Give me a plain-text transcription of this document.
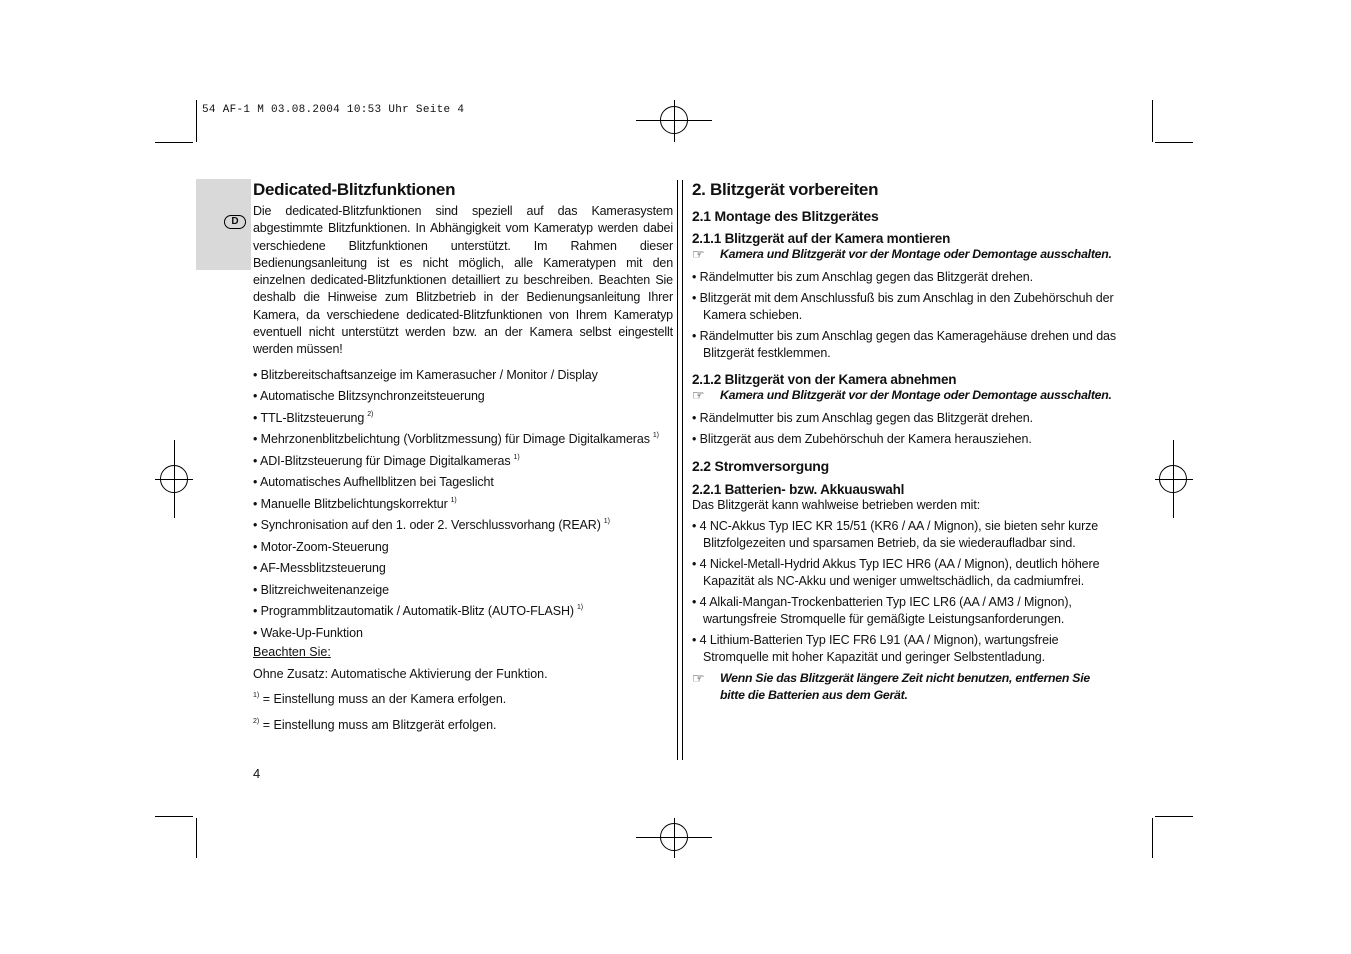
54 AF-1 M 03.08.2004 10:53 Uhr Seite 4
D
Dedicated-Blitzfunktionen

Die dedicated-Blitzfunktionen sind speziell auf das Kamerasystem abgestimmte Blitzfunktionen. In Abhängigkeit vom Kameratyp werden dabei verschiedene Blitzfunktionen unterstützt. Im Rahmen dieser Bedienungsanleitung ist es nicht möglich, alle Kameratypen mit den einzelnen dedicated-Blitzfunktionen detailliert zu beschreiben. Beachten Sie deshalb die Hinweise zum Blitzbetrieb in der Bedienungsanleitung Ihrer Kamera, da verschiedene dedicated-Blitzfunktionen von Ihrem Kameratyp eventuell nicht unterstützt werden bzw. an der Kamera selbst eingestellt werden müssen!

• Blitzbereitschaftsanzeige im Kamerasucher / Monitor / Display
• Automatische Blitzsynchronzeitsteuerung
• TTL-Blitzsteuerung $^{2)}$
• Mehrzonenblitzbelichtung (Vorblitzmessung) für Dimage Digitalkameras $^{1)}$
• ADI-Blitzsteuerung für Dimage Digitalkameras $^{1)}$
• Automatisches Aufhellblitzen bei Tageslicht
• Manuelle Blitzbelichtungskorrektur $^{1)}$
• Synchronisation auf den 1. oder 2. Verschlussvorhang (REAR) $^{1)}$
• Motor-Zoom-Steuerung
• AF-Messblitzsteuerung
• Blitzreichweitenanzeige
• Programmblitzautomatik / Automatik-Blitz (AUTO-FLASH) $^{1)}$
• Wake-Up-Funktion

Beachten Sie:

Ohne Zusatz: Automatische Aktivierung der Funktion.

$^{1)}$ = Einstellung muss an der Kamera erfolgen.

$^{2)}$ = Einstellung muss am Blitzgerät erfolgen.

2. Blitzgerät vorbereiten
2.1 Montage des Blitzgerätes
2.1.1 Blitzgerät auf der Kamera montieren
☞ Kamera und Blitzgerät vor der Montage oder Demontage ausschalten.
• Rändelmutter bis zum Anschlag gegen das Blitzgerät drehen.
• Blitzgerät mit dem Anschlussfuß bis zum Anschlag in den Zubehörschuh der Kamera schieben.
• Rändelmutter bis zum Anschlag gegen das Kameragehäuse drehen und das Blitzgerät festklemmen.
2.1.2 Blitzgerät von der Kamera abnehmen
☞ Kamera und Blitzgerät vor der Montage oder Demontage ausschalten.
• Rändelmutter bis zum Anschlag gegen das Blitzgerät drehen.
• Blitzgerät aus dem Zubehörschuh der Kamera herausziehen.
2.2 Stromversorgung
2.2.1 Batterien- bzw. Akkuauswahl

Das Blitzgerät kann wahlweise betrieben werden mit:

• 4 NC-Akkus Typ IEC KR 15/51 (KR6 / AA / Mignon), sie bieten sehr kurze Blitzfolgezeiten und sparsamen Betrieb, da sie wiederaufladbar sind.
• 4 Nickel-Metall-Hydrid Akkus Typ IEC HR6 (AA / Mignon), deutlich höhere Kapazität als NC-Akku und weniger umweltschädlich, da cadmiumfrei.
• 4 Alkali-Mangan-Trockenbatterien Typ IEC LR6 (AA / AM3 / Mignon), wartungsfreie Stromquelle für gemäßigte Leistungsanforderungen.
• 4 Lithium-Batterien Typ IEC FR6 L91 (AA / Mignon), wartungsfreie Stromquelle mit hoher Kapazität und geringer Selbstentladung.
☞ Wenn Sie das Blitzgerät längere Zeit nicht benutzen, entfernen Sie bitte die Batterien aus dem Gerät.
4
